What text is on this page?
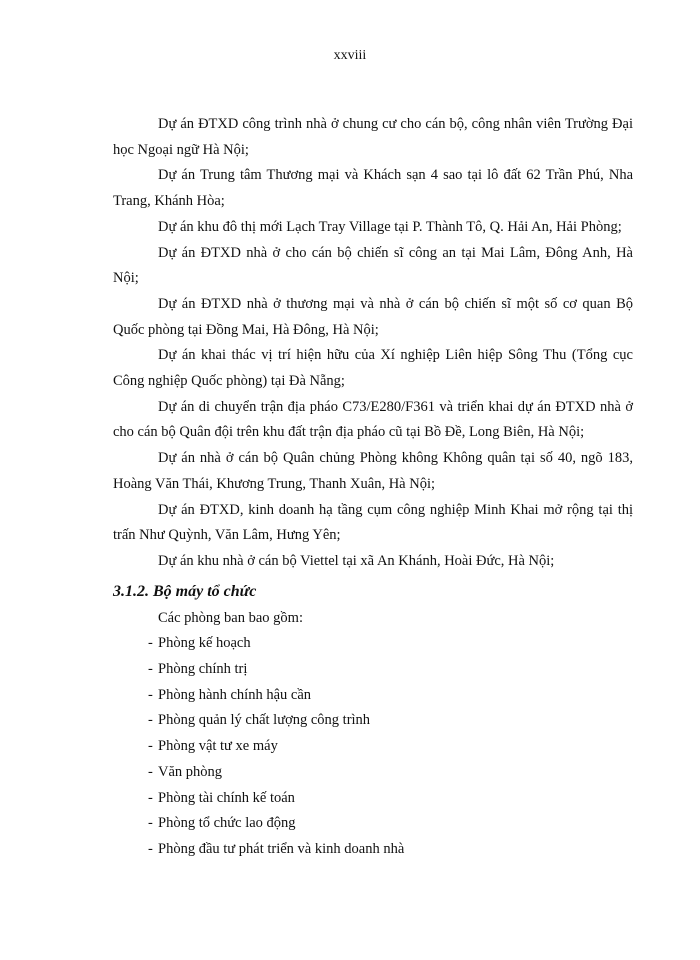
xxviii

Dự án ĐTXD công trình nhà ở chung cư cho cán bộ, công nhân viên Trường Đại học Ngoại ngữ Hà Nội;

Dự án Trung tâm Thương mại và Khách sạn 4 sao tại lô đất 62 Trần Phú, Nha Trang, Khánh Hòa;

Dự án khu đô thị mới Lạch Tray Village tại P. Thành Tô, Q. Hải An, Hải Phòng;

Dự án ĐTXD nhà ở cho cán bộ chiến sĩ công an tại Mai Lâm, Đông Anh, Hà Nội;

Dự án ĐTXD nhà ở thương mại và nhà ở cán bộ chiến sĩ một số cơ quan Bộ Quốc phòng tại Đồng Mai, Hà Đông, Hà Nội;

Dự án khai thác vị trí hiện hữu của Xí nghiệp Liên hiệp Sông Thu (Tổng cục Công nghiệp Quốc phòng) tại Đà Nẵng;

Dự án di chuyển trận địa pháo C73/E280/F361 và triển khai dự án ĐTXD nhà ở cho cán bộ Quân đội trên khu đất trận địa pháo cũ tại Bồ Đề, Long Biên, Hà Nội;

Dự án nhà ở cán bộ Quân chủng Phòng không Không quân tại số 40, ngõ 183, Hoàng Văn Thái, Khương Trung, Thanh Xuân, Hà Nội;

Dự án ĐTXD, kinh doanh hạ tầng cụm công nghiệp Minh Khai mở rộng tại thị trấn Như Quỳnh, Văn Lâm, Hưng Yên;

Dự án khu nhà ở cán bộ Viettel tại xã An Khánh, Hoài Đức, Hà Nội;

3.1.2. Bộ máy tổ chức

Các phòng ban bao gồm:

- Phòng kế hoạch
- Phòng chính trị
- Phòng hành chính hậu cần
- Phòng quản lý chất lượng công trình
- Phòng vật tư xe máy
- Văn phòng
- Phòng tài chính kế toán
- Phòng tổ chức lao động
- Phòng đầu tư phát triển và kinh doanh nhà
